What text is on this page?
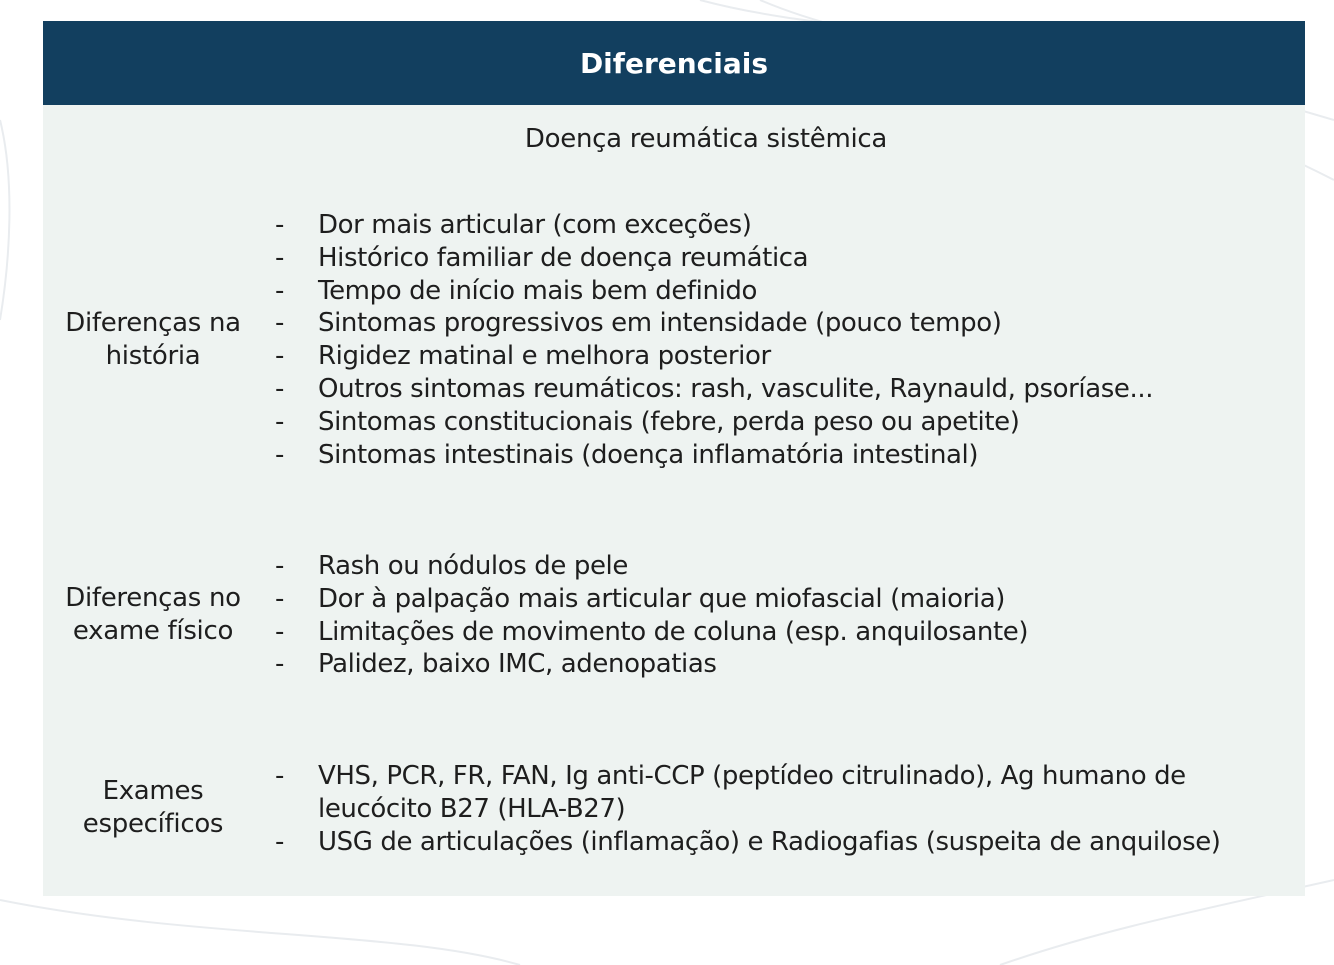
Diferenciais
Doença reumática sistêmica
Diferenças na
história
- Dor mais articular (com exceções)
- Histórico familiar de doença reumática
- Tempo de início mais bem definido
- Sintomas progressivos em intensidade (pouco tempo)
- Rigidez matinal e melhora posterior
- Outros sintomas reumáticos: rash, vasculite, Raynauld, psoríase...
- Sintomas constitucionais (febre, perda peso ou apetite)
- Sintomas intestinais (doença inflamatória intestinal)
Diferenças no
exame físico
- Rash ou nódulos de pele
- Dor à palpação mais articular que miofascial (maioria)
- Limitações de movimento de coluna (esp. anquilosante)
- Palidez, baixo IMC, adenopatias
Exames
específicos
- VHS, PCR, FR, FAN, Ig anti-CCP (peptídeo citrulinado), Ag humano de leucócito B27 (HLA-B27)
- USG de articulações (inflamação) e Radiogafias (suspeita de anquilose)
